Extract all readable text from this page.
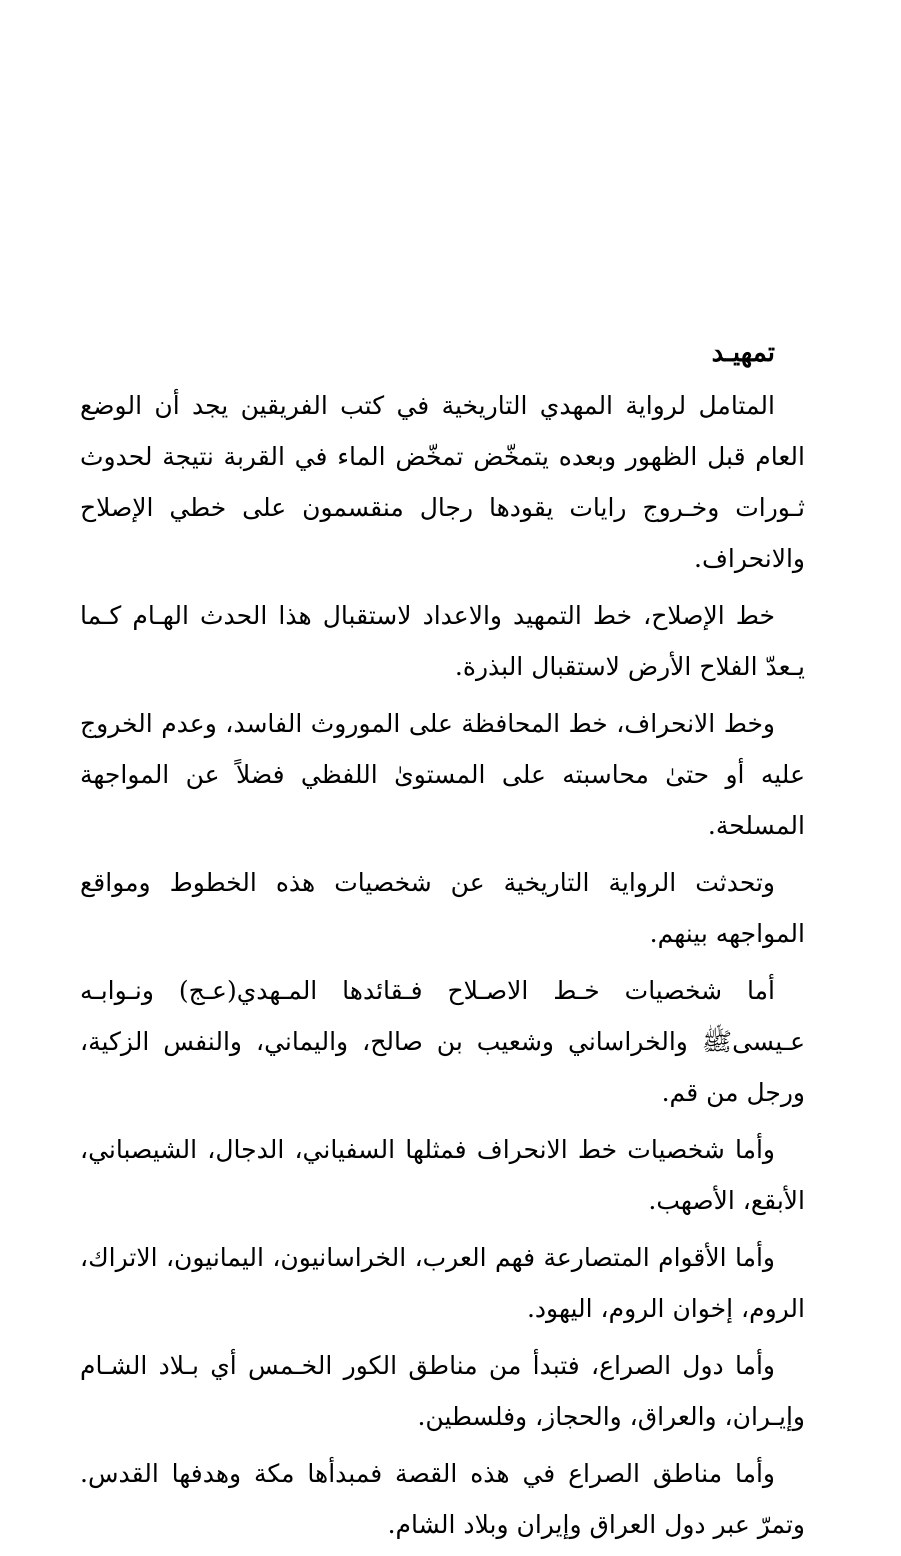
تمهيـد

المتامل لرواية المهدي التاريخية في كتب الفريقين يجد أن الوضع العام قبل الظهور وبعده يتمخّض تمخّض الماء في القربة نتيجة لحدوث ثـورات وخـروج رايات يقودها رجال منقسمون على خطي الإصلاح والانحراف.

خط الإصلاح، خط التمهيد والاعداد لاستقبال هذا الحدث الهـام كـما يـعدّ الفلاح الأرض لاستقبال البذرة.

وخط الانحراف، خط المحافظة على الموروث الفاسد، وعدم الخروج عليه أو حتىٰ محاسبته على المستوىٰ اللفظي فضلاً عن المواجهة المسلحة.

وتحدثت الرواية التاريخية عن شخصيات هذه الخطوط ومواقع المواجهه بينهم.

أما شخصيات خـط الاصـلاح فـقائدها المـهدي(عـج) ونـوابـه عـيسىﷺ والخراساني وشعيب بن صالح، واليماني، والنفس الزكية، ورجل من قم.

وأما شخصيات خط الانحراف فمثلها السفياني، الدجال، الشيصباني، الأبقع، الأصهب.

وأما الأقوام المتصارعة فهم العرب، الخراسانيون، اليمانيون، الاتراك، الروم، إخوان الروم، اليهود.

وأما دول الصراع، فتبدأ من مناطق الكور الخـمس أي بـلاد الشـام وإيـران، والعراق، والحجاز، وفلسطين.

وأما مناطق الصراع في هذه القصة فمبدأها مكة وهدفها القدس. وتمرّ عبر دول العراق وإيران وبلاد الشام.
